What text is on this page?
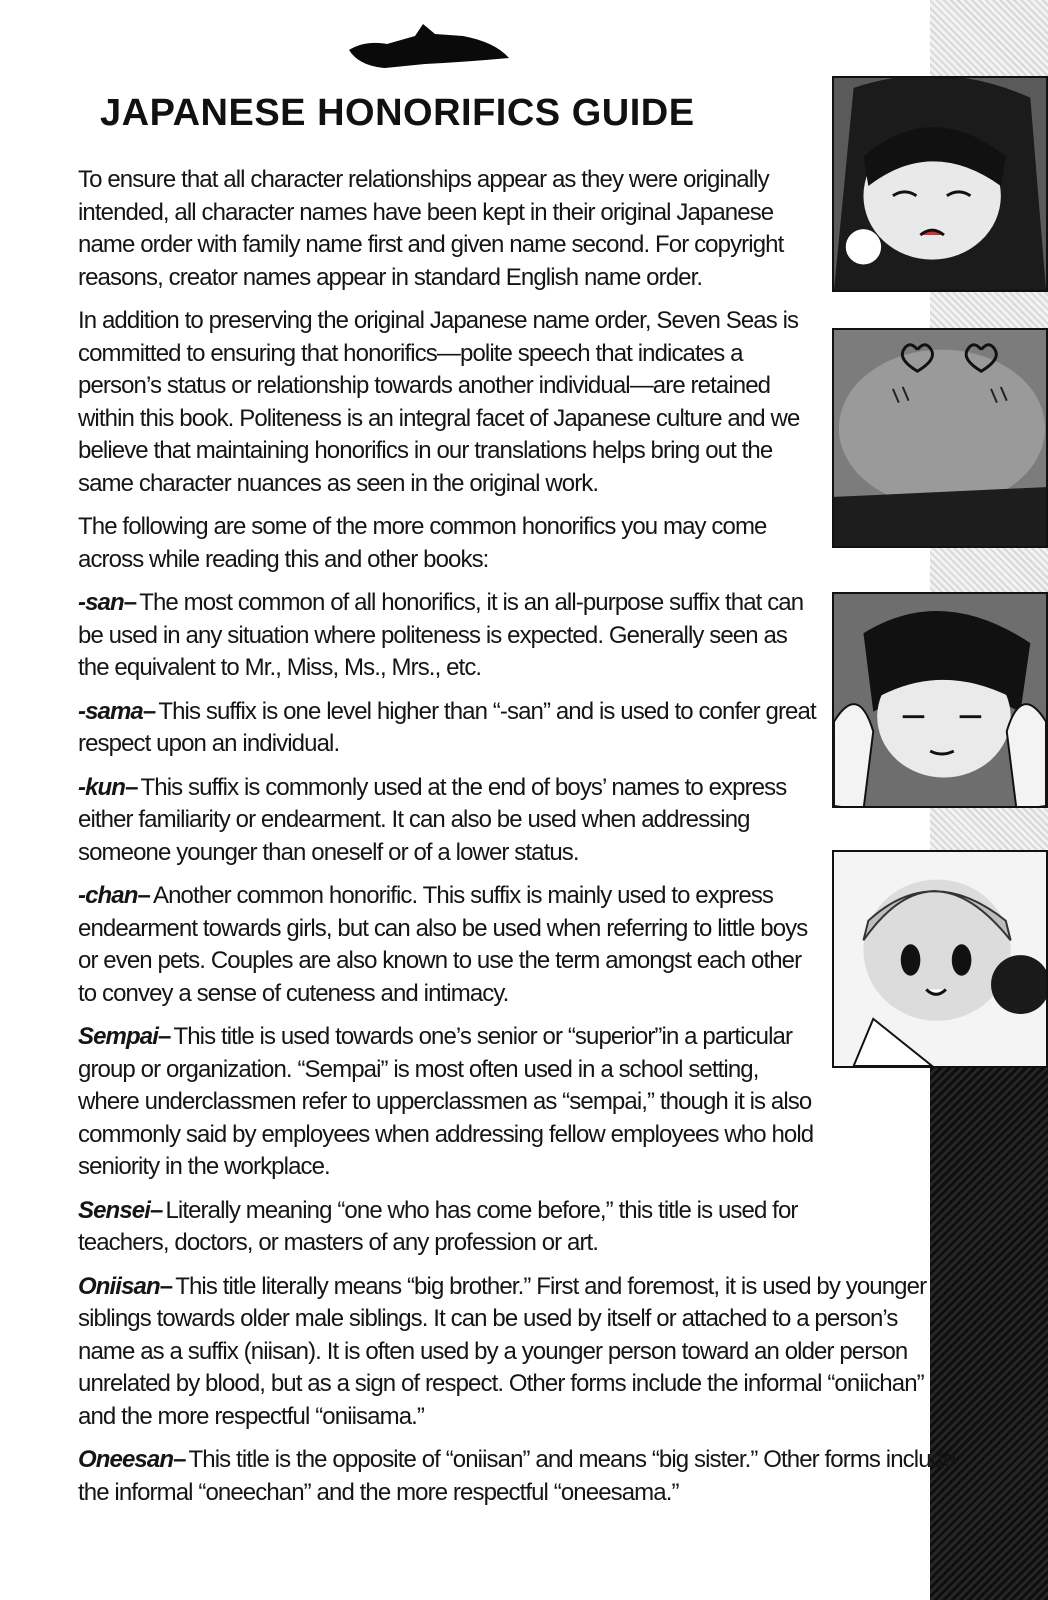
JAPANESE HONORIFICS GUIDE

To ensure that all character relationships appear as they were originally intended, all character names have been kept in their original Japanese name order with family name first and given name second. For copyright reasons, creator names appear in standard English name order.

In addition to preserving the original Japanese name order, Seven Seas is committed to ensuring that honorifics—polite speech that indicates a person’s status or relationship towards another individual—are retained within this book. Politeness is an integral facet of Japanese culture and we believe that maintaining honorifics in our translations helps bring out the same character nuances as seen in the original work.

The following are some of the more common honorifics you may come across while reading this and other books:

-san– The most common of all honorifics, it is an all-purpose suffix that can be used in any situation where politeness is expected. Generally seen as the equivalent to Mr., Miss, Ms., Mrs., etc.

-sama– This suffix is one level higher than “-san” and is used to confer great respect upon an individual.

-kun– This suffix is commonly used at the end of boys’ names to express either familiarity or endearment. It can also be used when addressing someone younger than oneself or of a lower status.

-chan– Another common honorific. This suffix is mainly used to express endearment towards girls, but can also be used when referring to little boys or even pets. Couples are also known to use the term amongst each other to convey a sense of cuteness and intimacy.

Sempai– This title is used towards one’s senior or “superior”in a particular group or organization. “Sempai” is most often used in a school setting, where underclassmen refer to upperclassmen as “sempai,” though it is also commonly said by employees when addressing fellow employees who hold seniority in the workplace.

Sensei– Literally meaning “one who has come before,” this title is used for teachers, doctors, or masters of any profession or art.

Oniisan– This title literally means “big brother.” First and foremost, it is used by younger siblings towards older male siblings. It can be used by itself or attached to a person’s name as a suffix (niisan). It is often used by a younger person toward an older person unrelated by blood, but as a sign of respect. Other forms include the informal “oniichan” and the more respectful “oniisama.”

Oneesan– This title is the opposite of “oniisan” and means “big sister.” Other forms include the informal “oneechan” and the more respectful “oneesama.”
